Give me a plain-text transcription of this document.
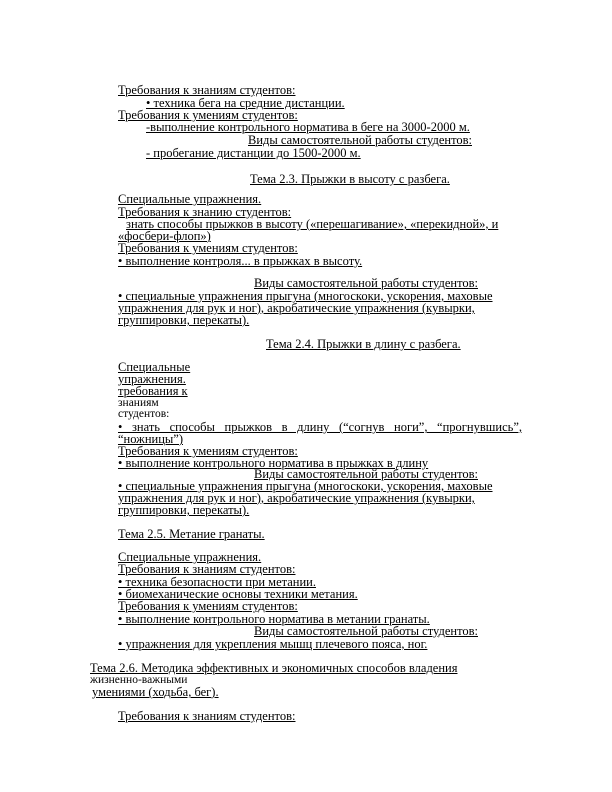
Требования к знаниям студентов:
• техника бега на средние дистанции.
Требования к умениям студентов:
-выполнение контрольного норматива в беге на 3000-2000 м.
Виды самостоятельной работы студентов:
- пробегание дистанции до 1500-2000 м.
Тема 2.3. Прыжки в высоту с разбега.
Специальные упражнения.
Требования к знанию студентов:
знать способы прыжков в высоту («перешагивание», «перекидной», и
«фосбери-флоп»)
Требования к умениям студентов:
• выполнение контроля... в прыжках в высоту.
Виды самостоятельной работы студентов:
• специальные упражнения прыгуна (многоскоки, ускорения, маховые
упражнения для рук и ног), акробатические упражнения (кувырки,
группировки, перекаты).
Тема 2.4. Прыжки в длину с разбега.
Специальные
упражнения.
требования к
знаниям
студентов:
• знать способы прыжков в длину (“согнув ноги”, “прогнувшись”,
“ножницы”)
Требования к умениям студентов:
• выполнение контрольного норматива в прыжках в длину
Виды самостоятельной работы студентов:
• специальные упражнения прыгуна (многоскоки, ускорения, маховые
упражнения для рук и ног), акробатические упражнения (кувырки,
группировки, перекаты).
Тема 2.5. Метание гранаты.
Специальные упражнения.
Требования к знаниям студентов:
• техника безопасности при метании.
• биомеханические основы техники метания.
Требования к умениям студентов:
• выполнение контрольного норматива в метании гранаты.
Виды самостоятельной работы студентов:
• упражнения для укрепления мышц плечевого пояса, ног.
Тема 2.6. Методика эффективных и экономичных способов владения
жизненно-важными
умениями (ходьба, бег).
Требования к знаниям студентов:
